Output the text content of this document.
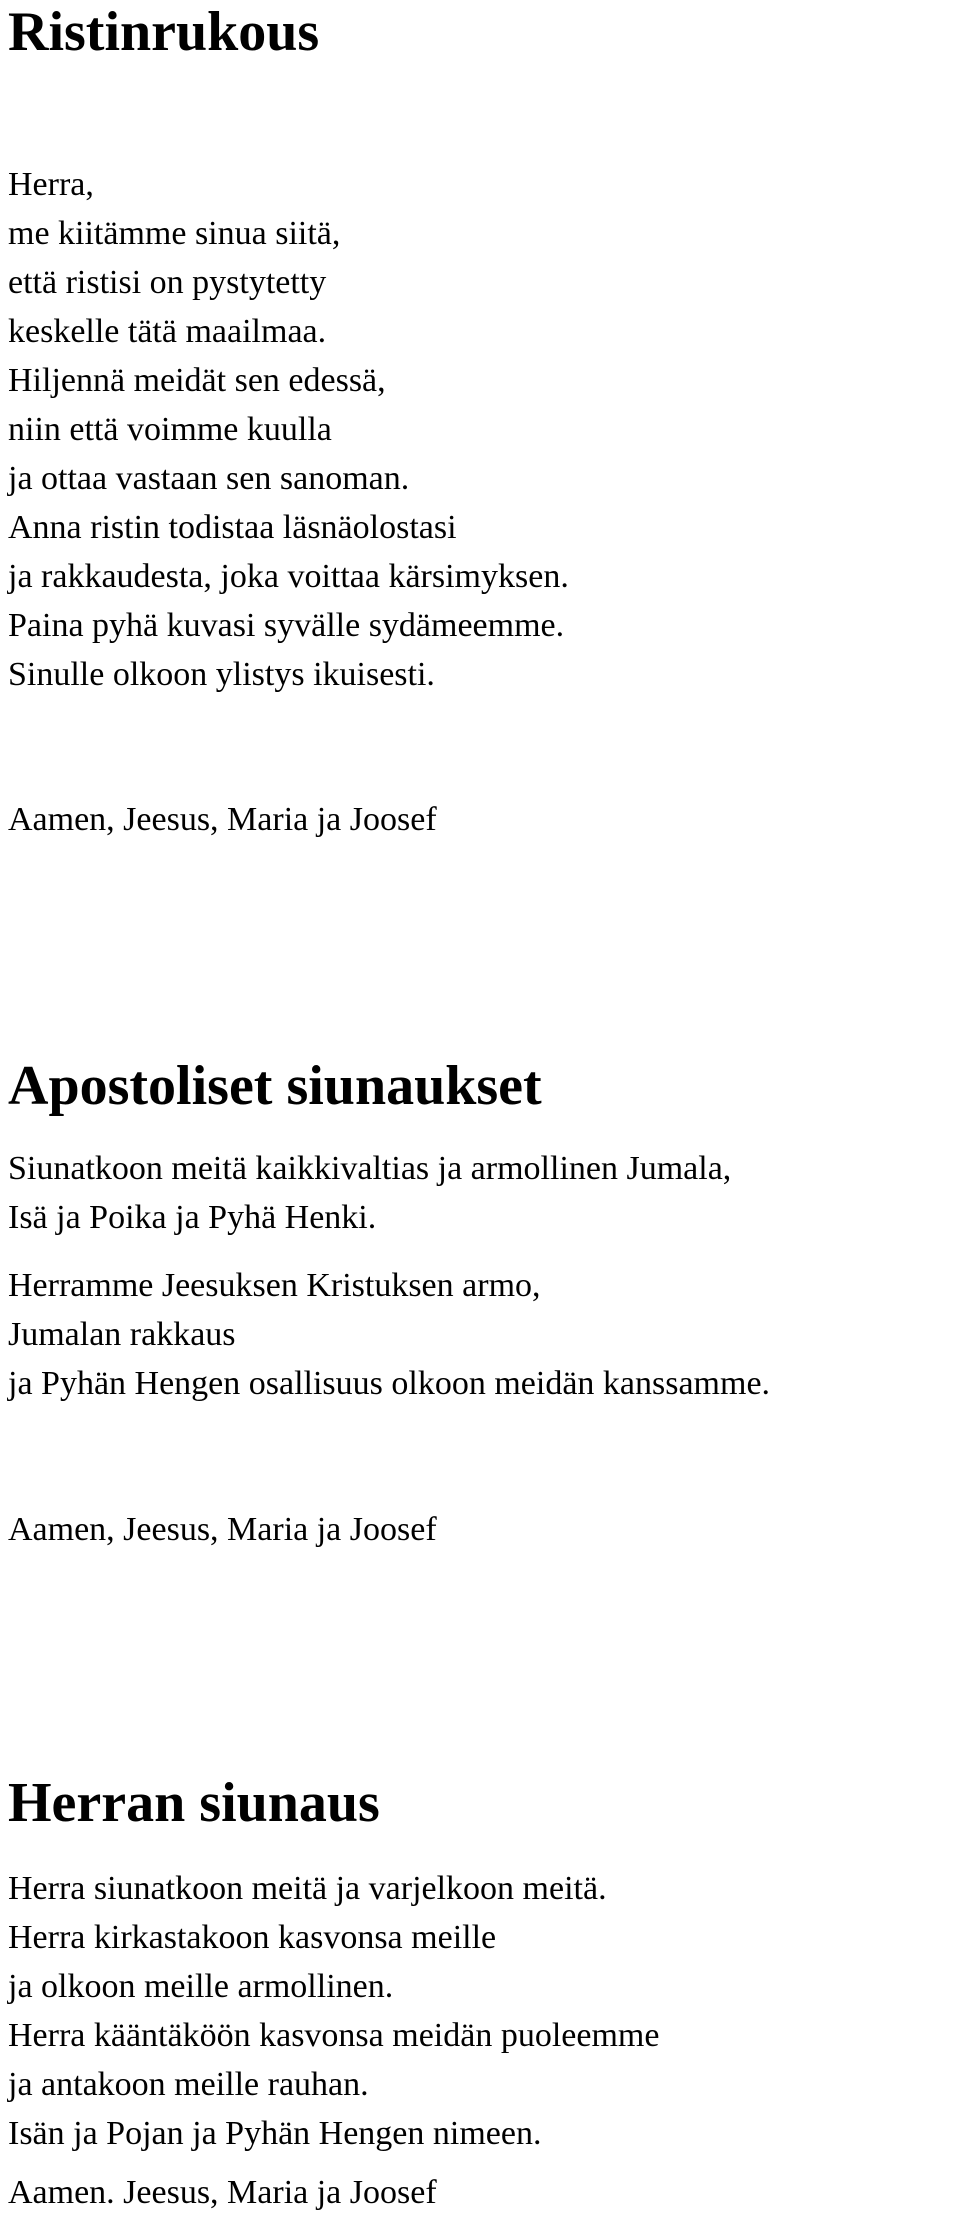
Ristinrukous
Herra,
me kiitämme sinua siitä,
että ristisi on pystytetty
keskelle tätä maailmaa.
Hiljennä meidät sen edessä,
niin että voimme kuulla
ja ottaa vastaan sen sanoman.
Anna ristin todistaa läsnäolostasi
ja rakkaudesta, joka voittaa kärsimyksen.
Paina pyhä kuvasi syvälle sydämeemme.
Sinulle olkoon ylistys ikuisesti.

Aamen, Jeesus, Maria ja Joosef

Apostoliset siunaukset
Siunatkoon meitä kaikkivaltias ja armollinen Jumala,
Isä ja Poika ja Pyhä Henki.
Herramme Jeesuksen Kristuksen armo,
Jumalan rakkaus
ja Pyhän Hengen osallisuus olkoon meidän kanssamme.

Aamen, Jeesus, Maria ja Joosef

Herran siunaus
Herra siunatkoon meitä ja varjelkoon meitä.
Herra kirkastakoon kasvonsa meille
ja olkoon meille armollinen.
Herra kääntäköön kasvonsa meidän puoleemme
ja antakoon meille rauhan.
Isän ja Pojan ja Pyhän Hengen nimeen.

Aamen. Jeesus, Maria ja Joosef
